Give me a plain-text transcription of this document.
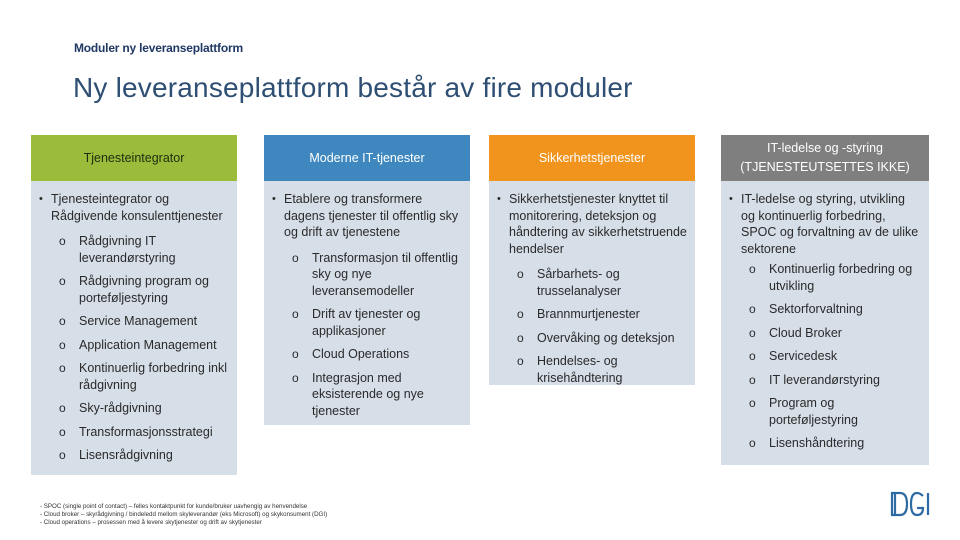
Moduler ny leveranseplattform
Ny leveranseplattform består av fire moduler
Tjenesteintegrator
• Tjenesteintegrator og Rådgivende konsulenttjenester
o Rådgivning IT leverandørstyring
o Rådgivning program og porteføljestyring
o Service Management
o Application Management
o Kontinuerlig forbedring inkl rådgivning
o Sky-rådgivning
o Transformasjonsstrategi
o Lisensrådgivning
Moderne IT-tjenester
• Etablere og transformere dagens tjenester til offentlig sky og drift av tjenestene
o Transformasjon til offentlig sky og nye leveransemodeller
o Drift av tjenester og applikasjoner
o Cloud Operations
o Integrasjon med eksisterende og nye tjenester
Sikkerhetstjenester
• Sikkerhetstjenester knyttet til monitorering, deteksjon og håndtering av sikkerhetstruende hendelser
o Sårbarhets- og trusselanalyser
o Brannmurtjenester
o Overvåking og deteksjon
o Hendelses- og krisehåndtering
IT-ledelse og -styring
(TJENESTEUTSETTES IKKE)
• IT-ledelse og styring, utvikling og kontinuerlig forbedring, SPOC og forvaltning av de ulike sektorene
o Kontinuerlig forbedring og utvikling
o Sektorforvaltning
o Cloud Broker
o Servicedesk
o IT leverandørstyring
o Program og porteføljestyring
o Lisenshåndtering
- SPOC (single point of contact) – felles kontaktpunkt for kunde/bruker uavhengig av henvendelse
- Cloud broker – skyrådgivning / bindeledd mellom skyleverandør (eks Microsoft) og skykonsument (DGI)
- Cloud operations – prosessen med å levere skytjenester og drift av skytjenester
